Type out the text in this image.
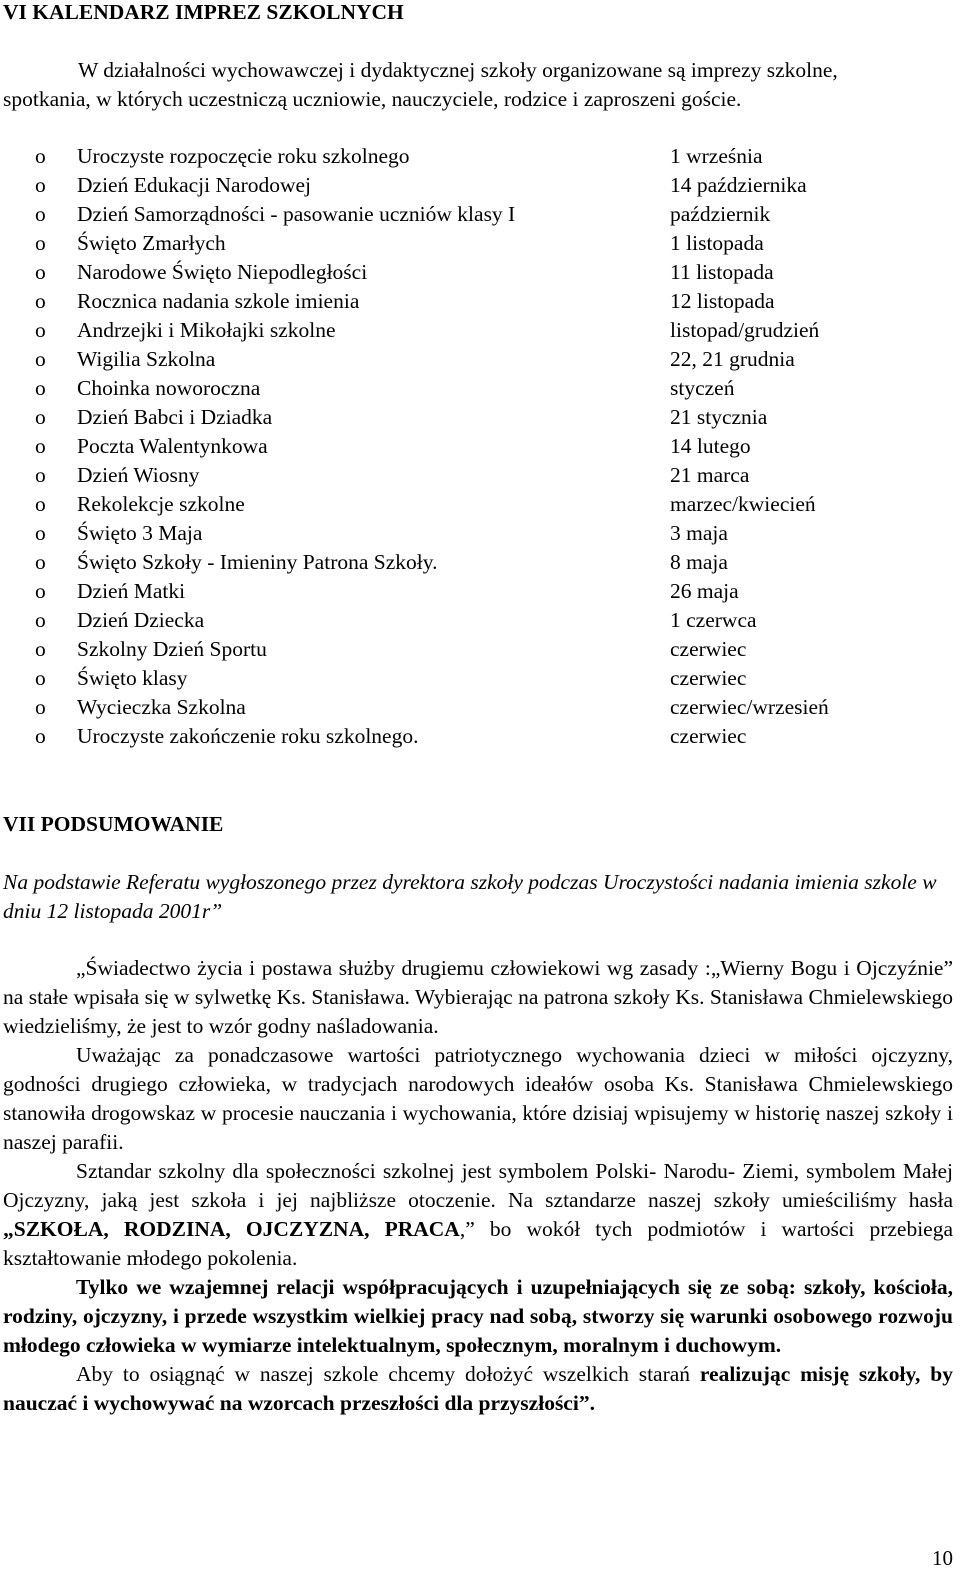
VI KALENDARZ IMPREZ SZKOLNYCH

W działalności wychowawczej i dydaktycznej szkoły organizowane są imprezy szkolne, spotkania, w których uczestniczą uczniowie, nauczyciele, rodzice i zaproszeni goście.

o Uroczyste rozpoczęcie roku szkolnego	1 września
o Dzień Edukacji Narodowej	14 października
o Dzień Samorządności - pasowanie uczniów klasy I	październik
o Święto Zmarłych	1 listopada
o Narodowe Święto Niepodległości	11 listopada
o Rocznica nadania szkole imienia	12 listopada
o Andrzejki i Mikołajki szkolne	listopad/grudzień
o Wigilia Szkolna	22, 21 grudnia
o Choinka noworoczna	styczeń
o Dzień Babci i Dziadka	21 stycznia
o Poczta Walentynkowa	14 lutego
o Dzień Wiosny	21 marca
o Rekolekcje szkolne	marzec/kwiecień
o Święto 3 Maja	3 maja
o Święto Szkoły - Imieniny Patrona Szkoły.	8 maja
o Dzień Matki	26 maja
o Dzień Dziecka	1 czerwca
o Szkolny Dzień Sportu	czerwiec
o Święto klasy	czerwiec
o Wycieczka Szkolna	czerwiec/wrzesień
o Uroczyste zakończenie roku szkolnego.	czerwiec
VII PODSUMOWANIE

Na podstawie Referatu wygłoszonego przez dyrektora szkoły podczas Uroczystości nadania imienia szkole w dniu 12 listopada 2001r”

„Świadectwo życia i postawa służby drugiemu człowiekowi wg zasady :„Wierny Bogu i Ojczyźnie” na stałe wpisała się w sylwetkę Ks. Stanisława. Wybierając na patrona szkoły Ks. Stanisława Chmielewskiego wiedzieliśmy, że jest to wzór godny naśladowania.

Uważając za ponadczasowe wartości patriotycznego wychowania dzieci w miłości ojczyzny, godności drugiego człowieka, w tradycjach narodowych ideałów osoba Ks. Stanisława Chmielewskiego stanowiła drogowskaz w procesie nauczania i wychowania, które dzisiaj wpisujemy w historię naszej szkoły i naszej parafii.

Sztandar szkolny dla społeczności szkolnej jest symbolem Polski- Narodu- Ziemi, symbolem Małej Ojczyzny, jaką jest szkoła i jej najbliższe otoczenie. Na sztandarze naszej szkoły umieściliśmy hasła „SZKOŁA, RODZINA, OJCZYZNA, PRACA,” bo wokół tych podmiotów i wartości przebiega kształtowanie młodego pokolenia.

Tylko we wzajemnej relacji współpracujących i uzupełniających się ze sobą: szkoły, kościoła, rodziny, ojczyzny, i przede wszystkim wielkiej pracy nad sobą, stworzy się warunki osobowego rozwoju młodego człowieka w wymiarze intelektualnym, społecznym, moralnym i duchowym.

Aby to osiągnąć w naszej szkole chcemy dołożyć wszelkich starań realizując misję szkoły, by nauczać i wychowywać na wzorcach przeszłości dla przyszłości”.

10
